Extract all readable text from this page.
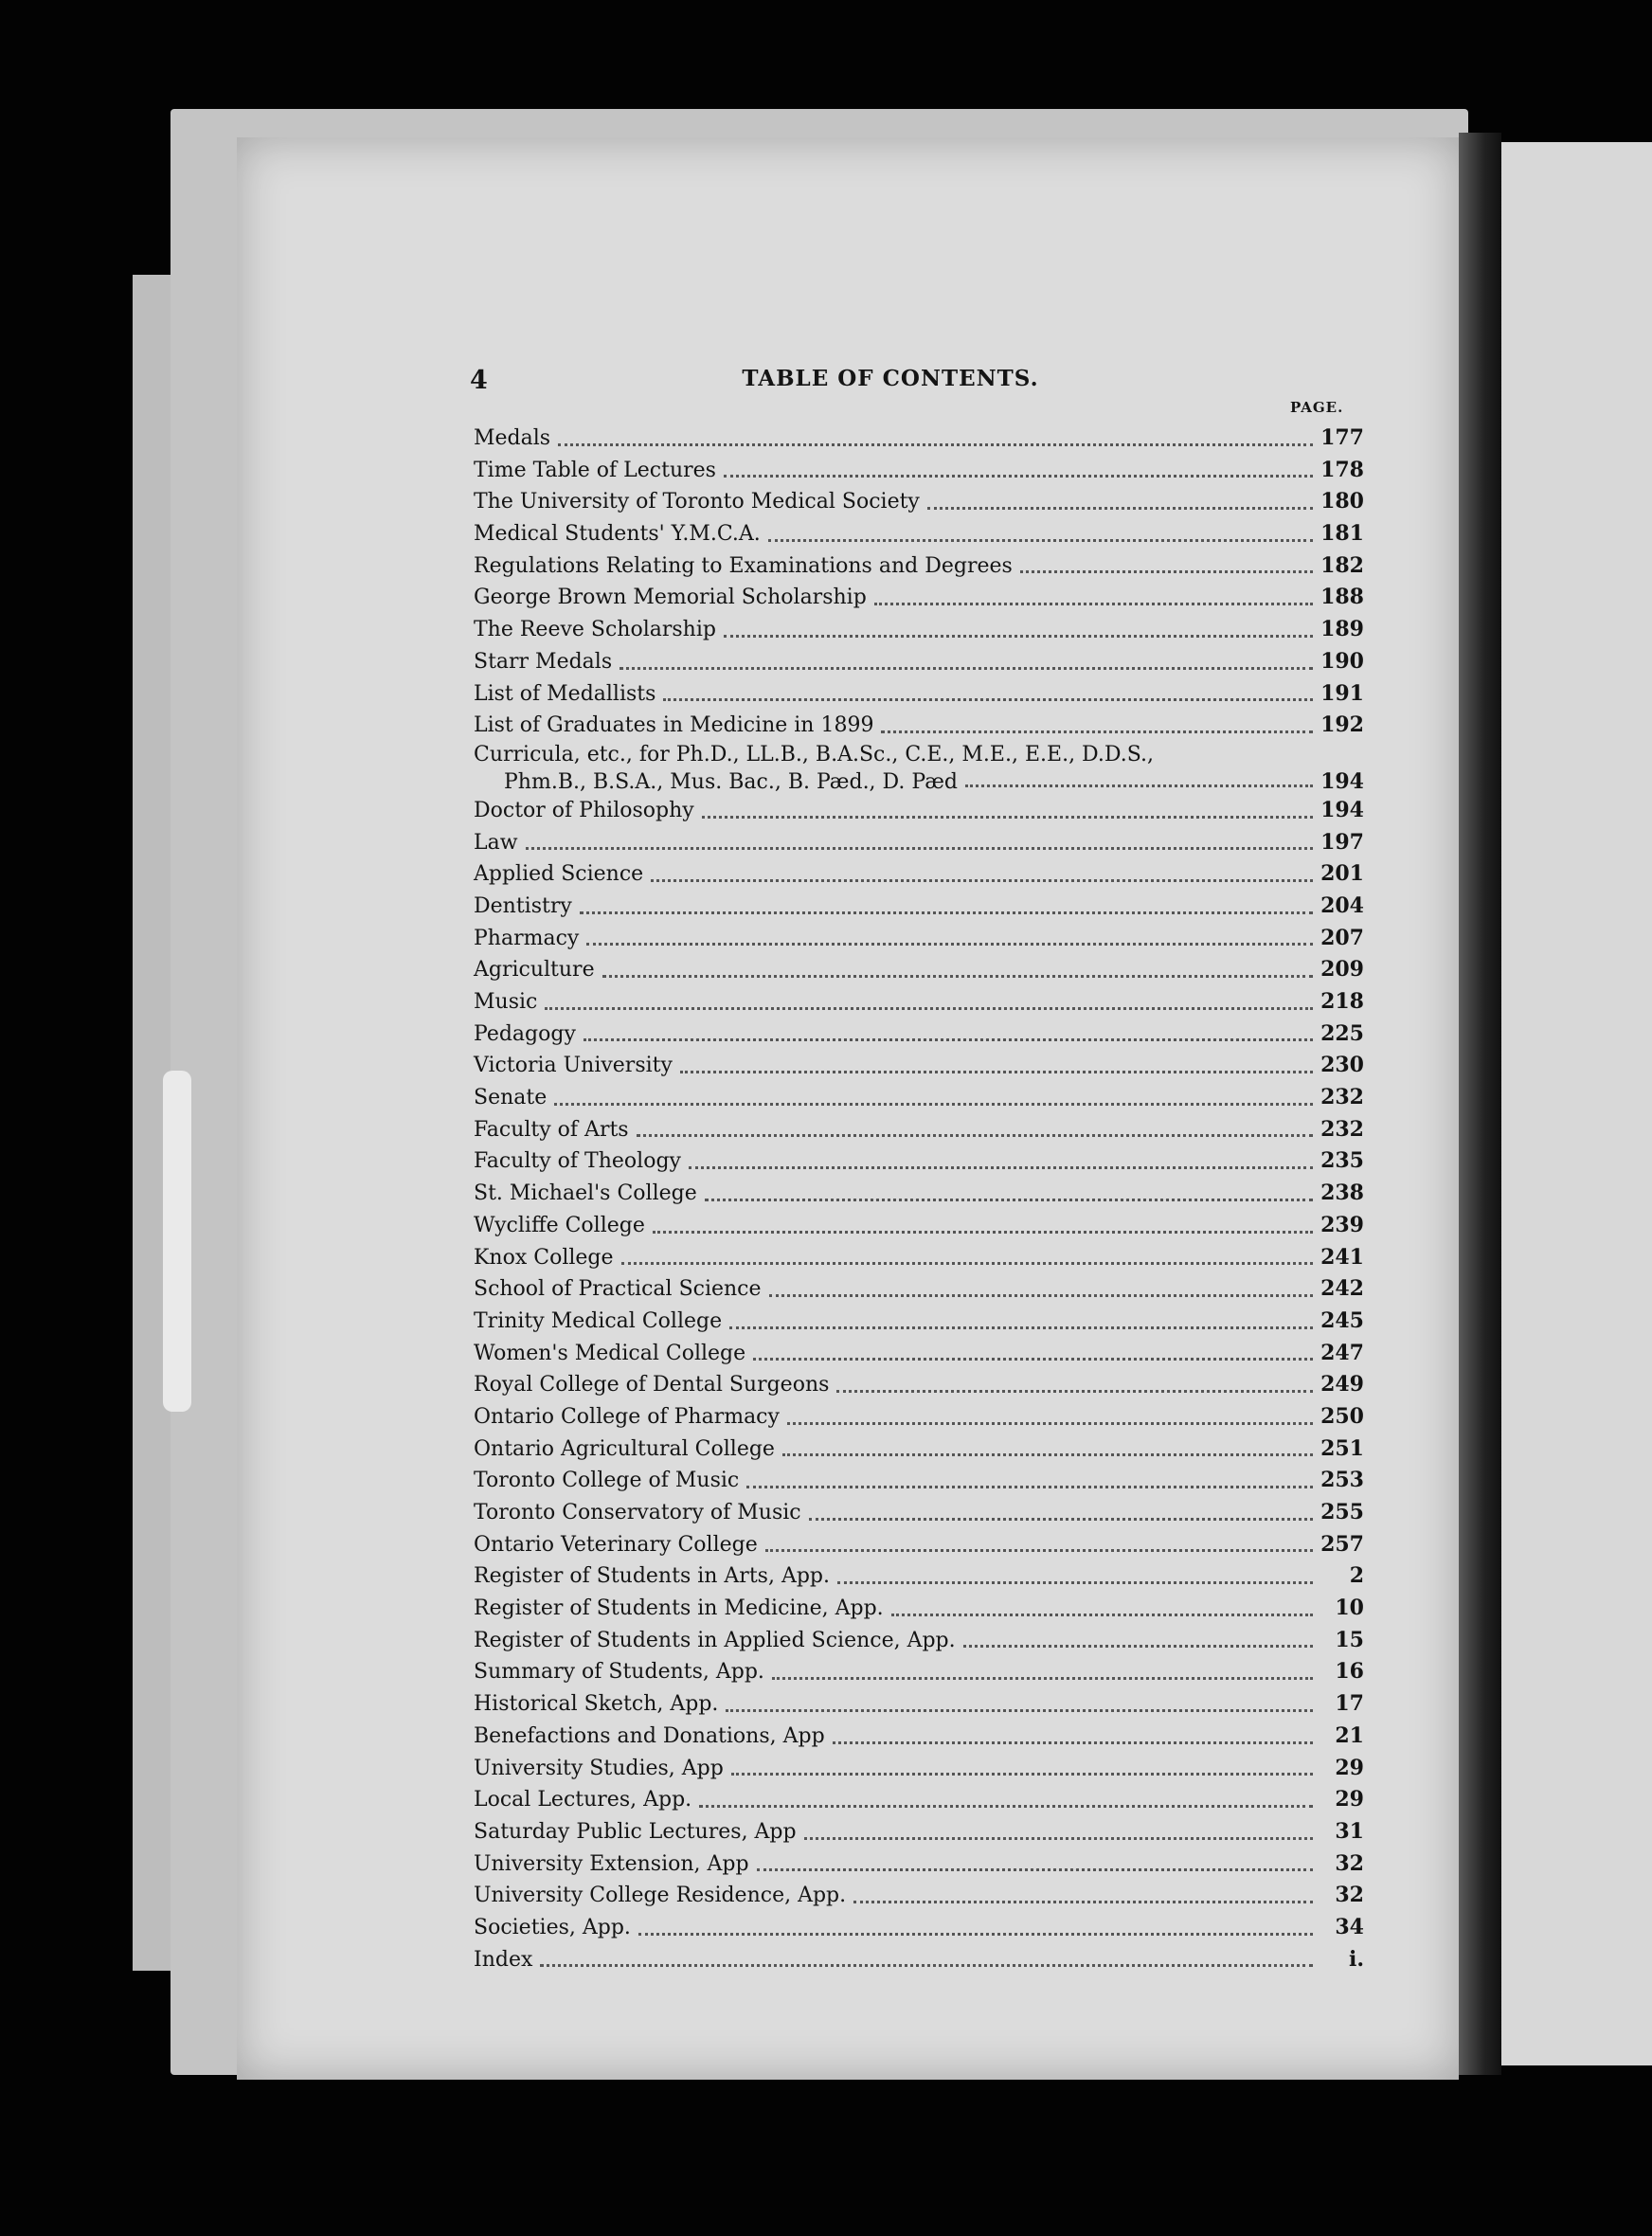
4	TABLE OF CONTENTS.
PAGE.
Medals	177
Time Table of Lectures	178
The University of Toronto Medical Society	180
Medical Students' Y.M.C.A.	181
Regulations Relating to Examinations and Degrees	182
George Brown Memorial Scholarship	188
The Reeve Scholarship	189
Starr Medals	190
List of Medallists	191
List of Graduates in Medicine in 1899	192
Curricula, etc., for Ph.D., LL.B., B.A.Sc., C.E., M.E., E.E., D.D.S.,
Phm.B., B.S.A., Mus. Bac., B. Pæd., D. Pæd	194
Doctor of Philosophy	194
Law	197
Applied Science	201
Dentistry	204
Pharmacy	207
Agriculture	209
Music	218
Pedagogy	225
Victoria University	230
Senate	232
Faculty of Arts	232
Faculty of Theology	235
St. Michael's College	238
Wycliffe College	239
Knox College	241
School of Practical Science	242
Trinity Medical College	245
Women's Medical College	247
Royal College of Dental Surgeons	249
Ontario College of Pharmacy	250
Ontario Agricultural College	251
Toronto College of Music	253
Toronto Conservatory of Music	255
Ontario Veterinary College	257
Register of Students in Arts, App.	2
Register of Students in Medicine, App.	10
Register of Students in Applied Science, App.	15
Summary of Students, App.	16
Historical Sketch, App.	17
Benefactions and Donations, App	21
University Studies, App	29
Local Lectures, App.	29
Saturday Public Lectures, App	31
University Extension, App	32
University College Residence, App.	32
Societies, App.	34
Index	i.
